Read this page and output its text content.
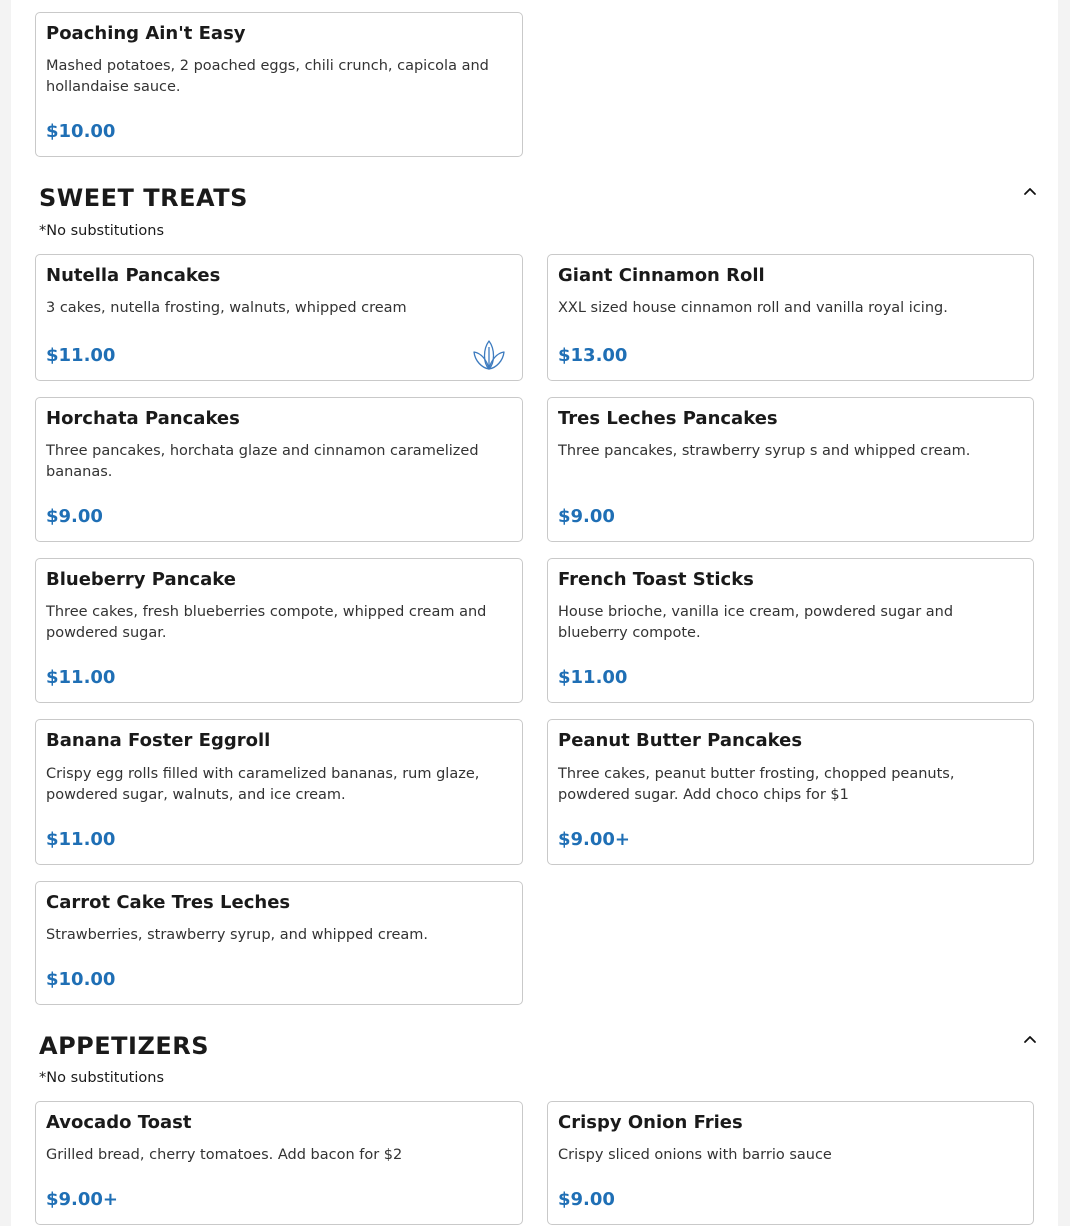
Poaching Ain't Easy

Mashed potatoes, 2 poached eggs, chili crunch, capicola and hollandaise sauce.

$10.00
SWEET TREATS
*No substitutions
Nutella Pancakes

3 cakes, nutella frosting, walnuts, whipped cream

$11.00
Giant Cinnamon Roll

XXL sized house cinnamon roll and vanilla royal icing.

$13.00
Horchata Pancakes

Three pancakes, horchata glaze and cinnamon caramelized bananas.

$9.00
Tres Leches Pancakes

Three pancakes, strawberry syrup s and whipped cream.

$9.00
Blueberry Pancake

Three cakes, fresh blueberries compote, whipped cream and powdered sugar.

$11.00
French Toast Sticks

House brioche, vanilla ice cream, powdered sugar and blueberry compote.

$11.00
Banana Foster Eggroll

Crispy egg rolls filled with caramelized bananas, rum glaze, powdered sugar, walnuts, and ice cream.

$11.00
Peanut Butter Pancakes

Three cakes, peanut butter frosting, chopped peanuts, powdered sugar. Add choco chips for $1

$9.00+
Carrot Cake Tres Leches

Strawberries, strawberry syrup, and whipped cream.

$10.00
APPETIZERS
*No substitutions
Avocado Toast

Grilled bread, cherry tomatoes. Add bacon for $2

$9.00+
Crispy Onion Fries

Crispy sliced onions with barrio sauce

$9.00
